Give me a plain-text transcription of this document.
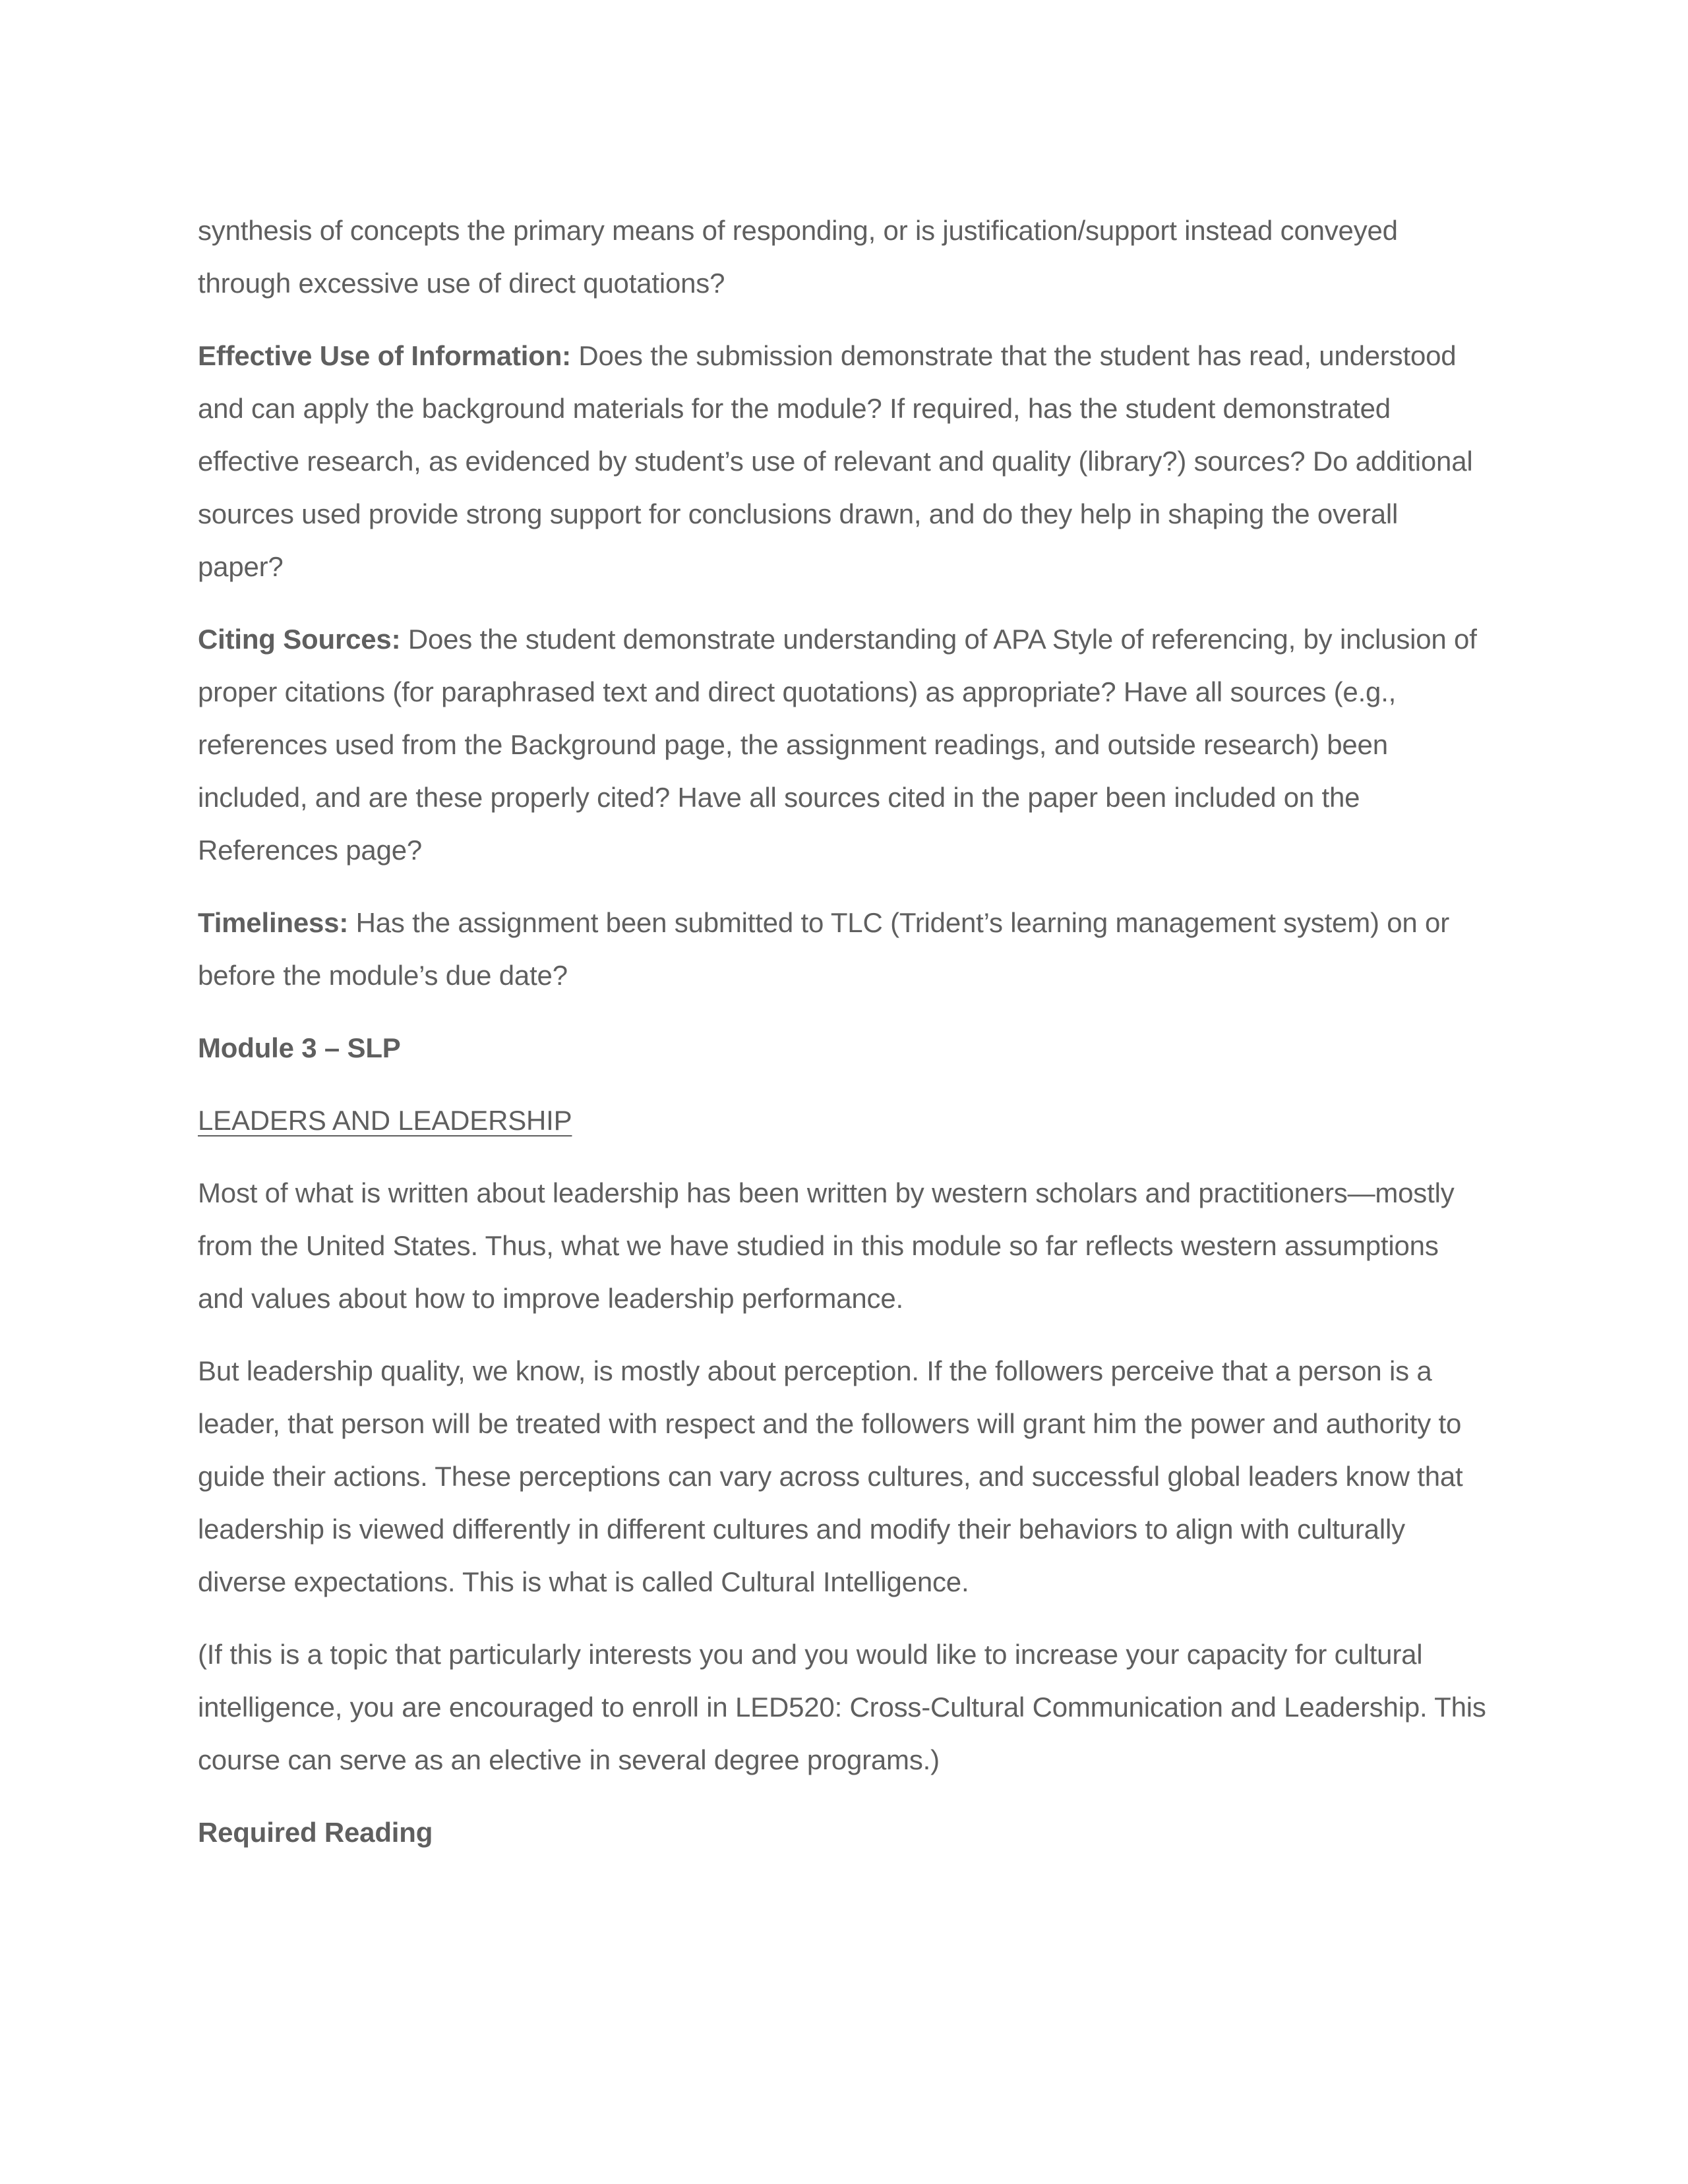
synthesis of concepts the primary means of responding, or is justification/support instead conveyed through excessive use of direct quotations?

Effective Use of Information: Does the submission demonstrate that the student has read, understood and can apply the background materials for the module? If required, has the student demonstrated effective research, as evidenced by student’s use of relevant and quality (library?) sources? Do additional sources used provide strong support for conclusions drawn, and do they help in shaping the overall paper?

Citing Sources: Does the student demonstrate understanding of APA Style of referencing, by inclusion of proper citations (for paraphrased text and direct quotations) as appropriate? Have all sources (e.g., references used from the Background page, the assignment readings, and outside research) been included, and are these properly cited? Have all sources cited in the paper been included on the References page?

Timeliness: Has the assignment been submitted to TLC (Trident’s learning management system) on or before the module’s due date?

Module 3 – SLP

LEADERS AND LEADERSHIP

Most of what is written about leadership has been written by western scholars and practitioners—mostly from the United States. Thus, what we have studied in this module so far reflects western assumptions and values about how to improve leadership performance.

But leadership quality, we know, is mostly about perception. If the followers perceive that a person is a leader, that person will be treated with respect and the followers will grant him the power and authority to guide their actions. These perceptions can vary across cultures, and successful global leaders know that leadership is viewed differently in different cultures and modify their behaviors to align with culturally diverse expectations. This is what is called Cultural Intelligence.

(If this is a topic that particularly interests you and you would like to increase your capacity for cultural intelligence, you are encouraged to enroll in LED520: Cross-Cultural Communication and Leadership. This course can serve as an elective in several degree programs.)

Required Reading
